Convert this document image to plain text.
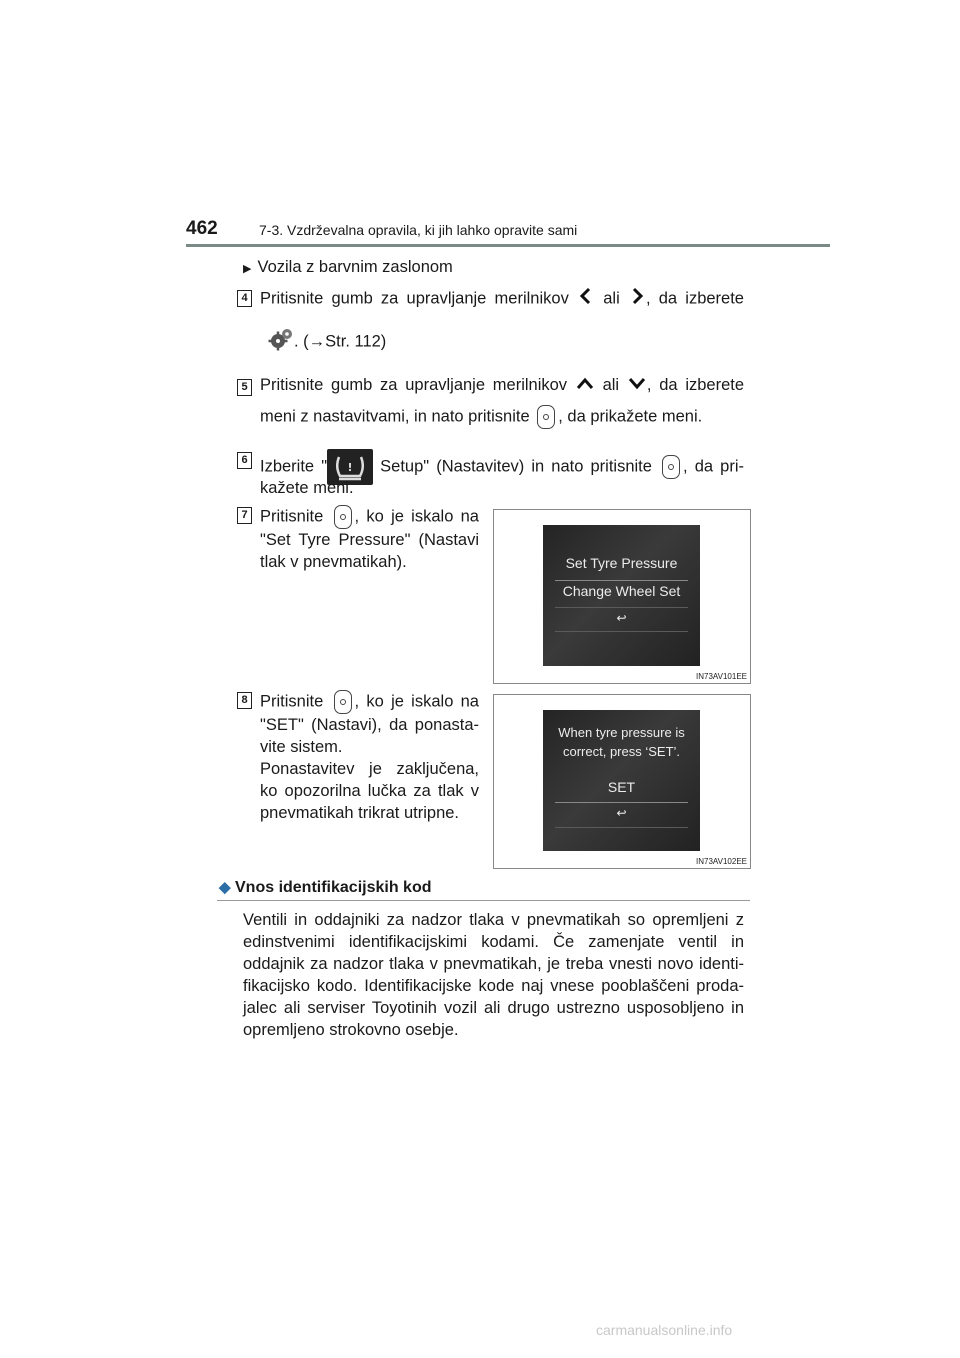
462	7-3. Vzdrževalna opravila, ki jih lahko opravite sami
▶ Vozila z barvnim zaslonom
4 Pritisnite gumb za upravljanje merilnikov ali , da izberete
. (→Str. 112)
5 Pritisnite gumb za upravljanje merilnikov ali , da izberete
meni z nastavitvami, in nato pritisnite , da prikažete meni.
6 Izberite " ! Setup" (Nastavitev) in nato pritisnite , da pri-
kažete meni.
7 Pritisnite , ko je iskalo na
"Set Tyre Pressure" (Nastavi
tlak v pnevmatikah).	Set Tyre Pressure
Change Wheel Set
↩
IN73AV101EE
8 Pritisnite , ko je iskalo na
"SET" (Nastavi), da ponasta-
vite sistem.
Ponastavitev je zaključena,
ko opozorilna lučka za tlak v
pnevmatikah trikrat utripne.
When tyre pressure is
correct, press ‘SET’.
SET
↩
IN73AV102EE
◆ Vnos identifikacijskih kod
Ventili in oddajniki za nadzor tlaka v pnevmatikah so opremljeni z
edinstvenimi identifikacijskimi kodami. Če zamenjate ventil in
oddajnik za nadzor tlaka v pnevmatikah, je treba vnesti novo identi-
fikacijsko kodo. Identifikacijske kode naj vnese pooblaščeni proda-
jalec ali serviser Toyotinih vozil ali drugo ustrezno usposobljeno in
opremljeno strokovno osebje.
carmanualsonline.info
